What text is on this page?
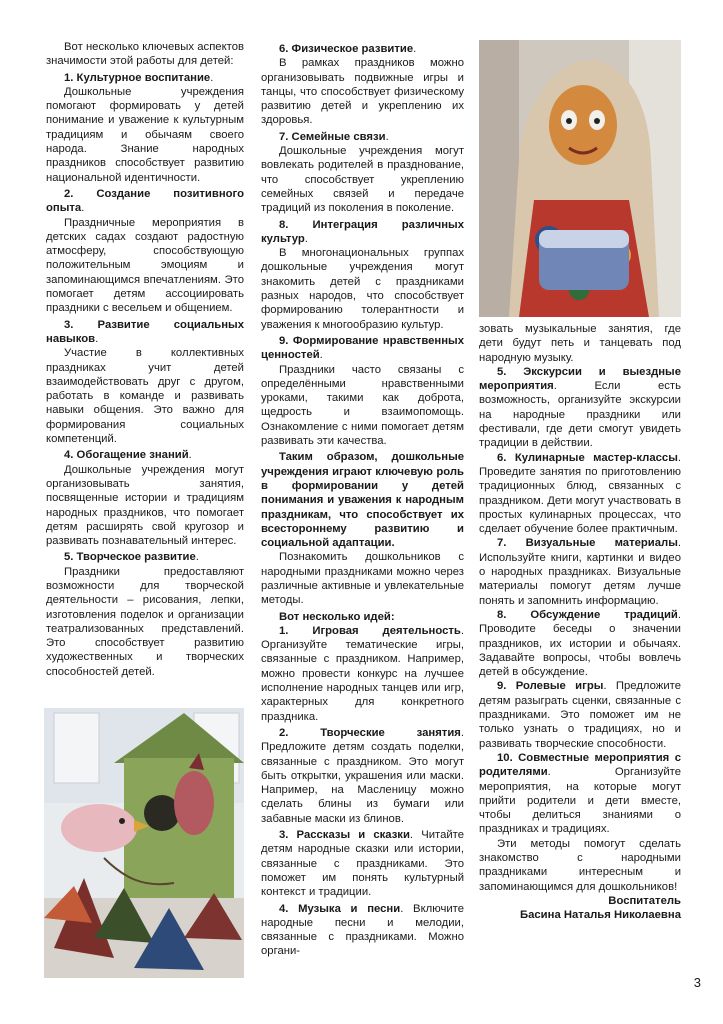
Вот несколько ключевых аспектов значимости этой работы для детей:

1. Культурное воспитание.

Дошкольные учреждения помогают формировать у детей понимание и уважение к культурным традициям и обычаям своего народа. Знание народных праздников способствует развитию национальной идентичности.

2. Создание позитивного опыта.

Праздничные мероприятия в детских садах создают радостную атмосферу, способствующую положительным эмоциям и запоминающимся впечатлениям. Это помогает детям ассоциировать праздники с весельем и общением.

3. Развитие социальных навыков.

Участие в коллективных праздниках учит детей взаимодействовать друг с другом, работать в команде и развивать навыки общения. Это важно для формирования социальных компетенций.

4. Обогащение знаний.

Дошкольные учреждения могут организовывать занятия, посвященные истории и традициям народных праздников, что помогает детям расширять свой кругозор и развивать познавательный интерес.

5. Творческое развитие.

Праздники предоставляют возможности для творческой деятельности – рисования, лепки, изготовления поделок и организации театрализованных представлений. Это способствует развитию художественных и творческих способностей детей.

6. Физическое развитие.

В рамках праздников можно организовывать подвижные игры и танцы, что способствует физическому развитию детей и укреплению их здоровья.

7. Семейные связи.

Дошкольные учреждения могут вовлекать родителей в празднование, что способствует укреплению семейных связей и передаче традиций из поколения в поколение.

8. Интеграция различных культур.

В многонациональных группах дошкольные учреждения могут знакомить детей с праздниками разных народов, что способствует формированию толерантности и уважения к многообразию культур.

9. Формирование нравственных ценностей.

Праздники часто связаны с определёнными нравственными уроками, такими как доброта, щедрость и взаимопомощь. Ознакомление с ними помогает детям развивать эти качества.

Таким образом, дошкольные учреждения играют ключевую роль в формировании у детей понимания и уважения к народным праздникам, что способствует их всестороннему развитию и социальной адаптации.

Познакомить дошкольников с народными праздниками можно через различные активные и увлекательные методы.

Вот несколько идей:

1. Игровая деятельность. Организуйте тематические игры, связанные с праздником. Например, можно провести конкурс на лучшее исполнение народных танцев или игр, характерных для конкретного праздника.

2. Творческие занятия. Предложите детям создать поделки, связанные с праздником. Это могут быть открытки, украшения или маски. Например, на Масленицу можно сделать блины из бумаги или забавные маски из блинов.

3. Рассказы и сказки. Читайте детям народные сказки или истории, связанные с праздниками. Это поможет им понять культурный контекст и традиции.

4. Музыка и песни. Включите народные песни и мелодии, связанные с праздниками. Можно органи-

зовать музыкальные занятия, где дети будут петь и танцевать под народную музыку.

5. Экскурсии и выездные мероприятия. Если есть возможность, организуйте экскурсии на народные праздники или фестивали, где дети смогут увидеть традиции в действии.

6. Кулинарные мастер-классы. Проведите занятия по приготовлению традиционных блюд, связанных с праздником. Дети могут участвовать в простых кулинарных процессах, что сделает обучение более практичным.

7. Визуальные материалы. Используйте книги, картинки и видео о народных праздниках. Визуальные материалы помогут детям лучше понять и запомнить информацию.

8. Обсуждение традиций. Проводите беседы о значении праздников, их истории и обычаях. Задавайте вопросы, чтобы вовлечь детей в обсуждение.

9. Ролевые игры. Предложите детям разыграть сценки, связанные с праздниками. Это поможет им не только узнать о традициях, но и развивать творческие способности.

10. Совместные мероприятия с родителями. Организуйте мероприятия, на которые могут прийти родители и дети вместе, чтобы делиться знаниями о праздниках и традициях.

Эти методы помогут сделать знакомство с народными праздниками интересным и запоминающимся для дошкольников!

Воспитатель

Басина Наталья Николаевна

3
